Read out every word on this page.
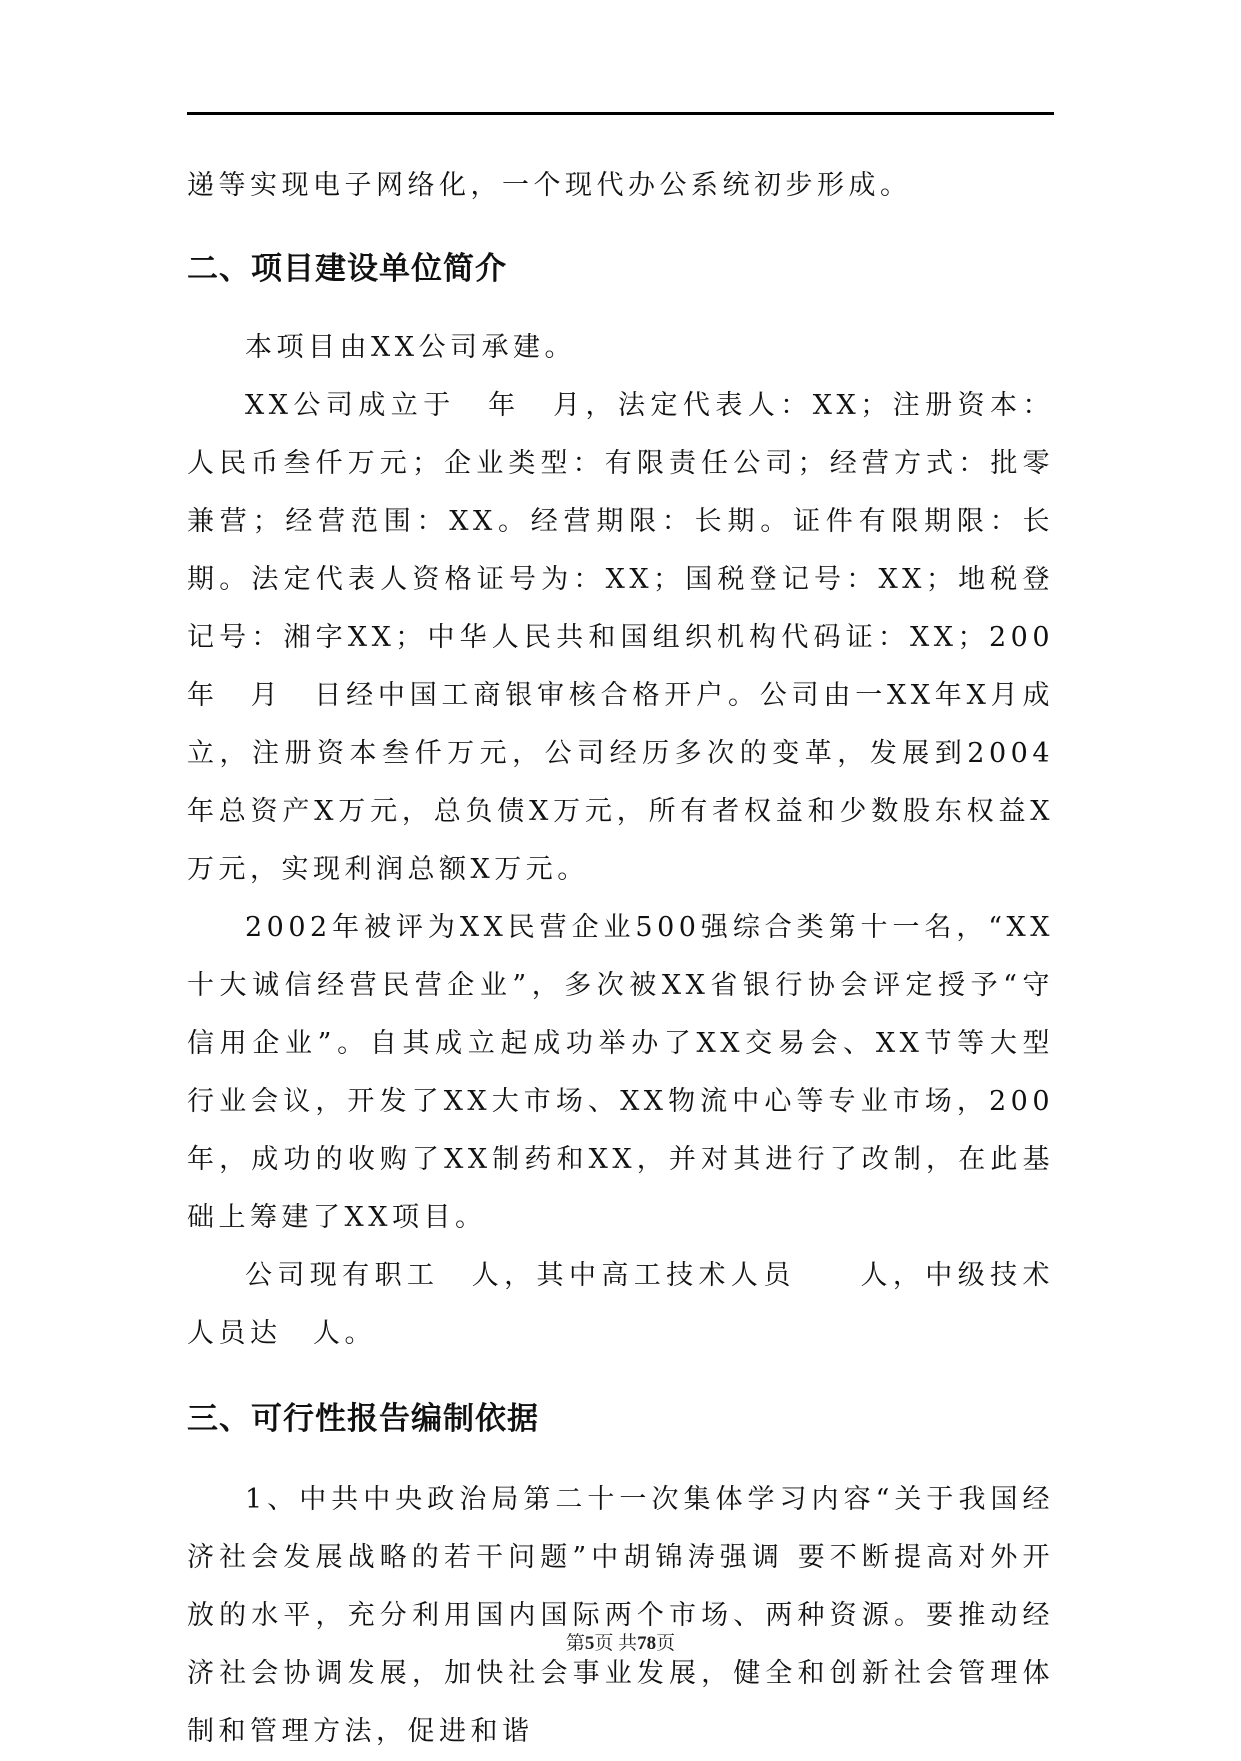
递等实现电子网络化，一个现代办公系统初步形成。

二、项目建设单位简介

本项目由XX公司承建。

XX公司成立于　年　月，法定代表人：XX；注册资本：人民币叁仟万元；企业类型：有限责任公司；经营方式：批零兼营；经营范围：XX。经营期限：长期。证件有限期限：长期。法定代表人资格证号为：XX；国税登记号：XX；地税登记号：湘字XX；中华人民共和国组织机构代码证：XX；200　年　月　日经中国工商银审核合格开户。公司由一XX年X月成立，注册资本叁仟万元，公司经历多次的变革，发展到2004年总资产X万元，总负债X万元，所有者权益和少数股东权益X万元，实现利润总额X万元。

2002年被评为XX民营企业500强综合类第十一名，“XX十大诚信经营民营企业”，多次被XX省银行协会评定授予“守信用企业”。自其成立起成功举办了XX交易会、XX节等大型行业会议，开发了XX大市场、XX物流中心等专业市场，200　年，成功的收购了XX制药和XX，并对其进行了改制，在此基础上筹建了XX项目。

公司现有职工　人，其中高工技术人员　　人，中级技术人员达　人。

三、可行性报告编制依据

1、中共中央政治局第二十一次集体学习内容“关于我国经济社会发展战略的若干问题”中胡锦涛强调 要不断提高对外开放的水平，充分利用国内国际两个市场、两种资源。要推动经济社会协调发展，加快社会事业发展，健全和创新社会管理体制和管理方法，促进和谐

第5页 共78页
